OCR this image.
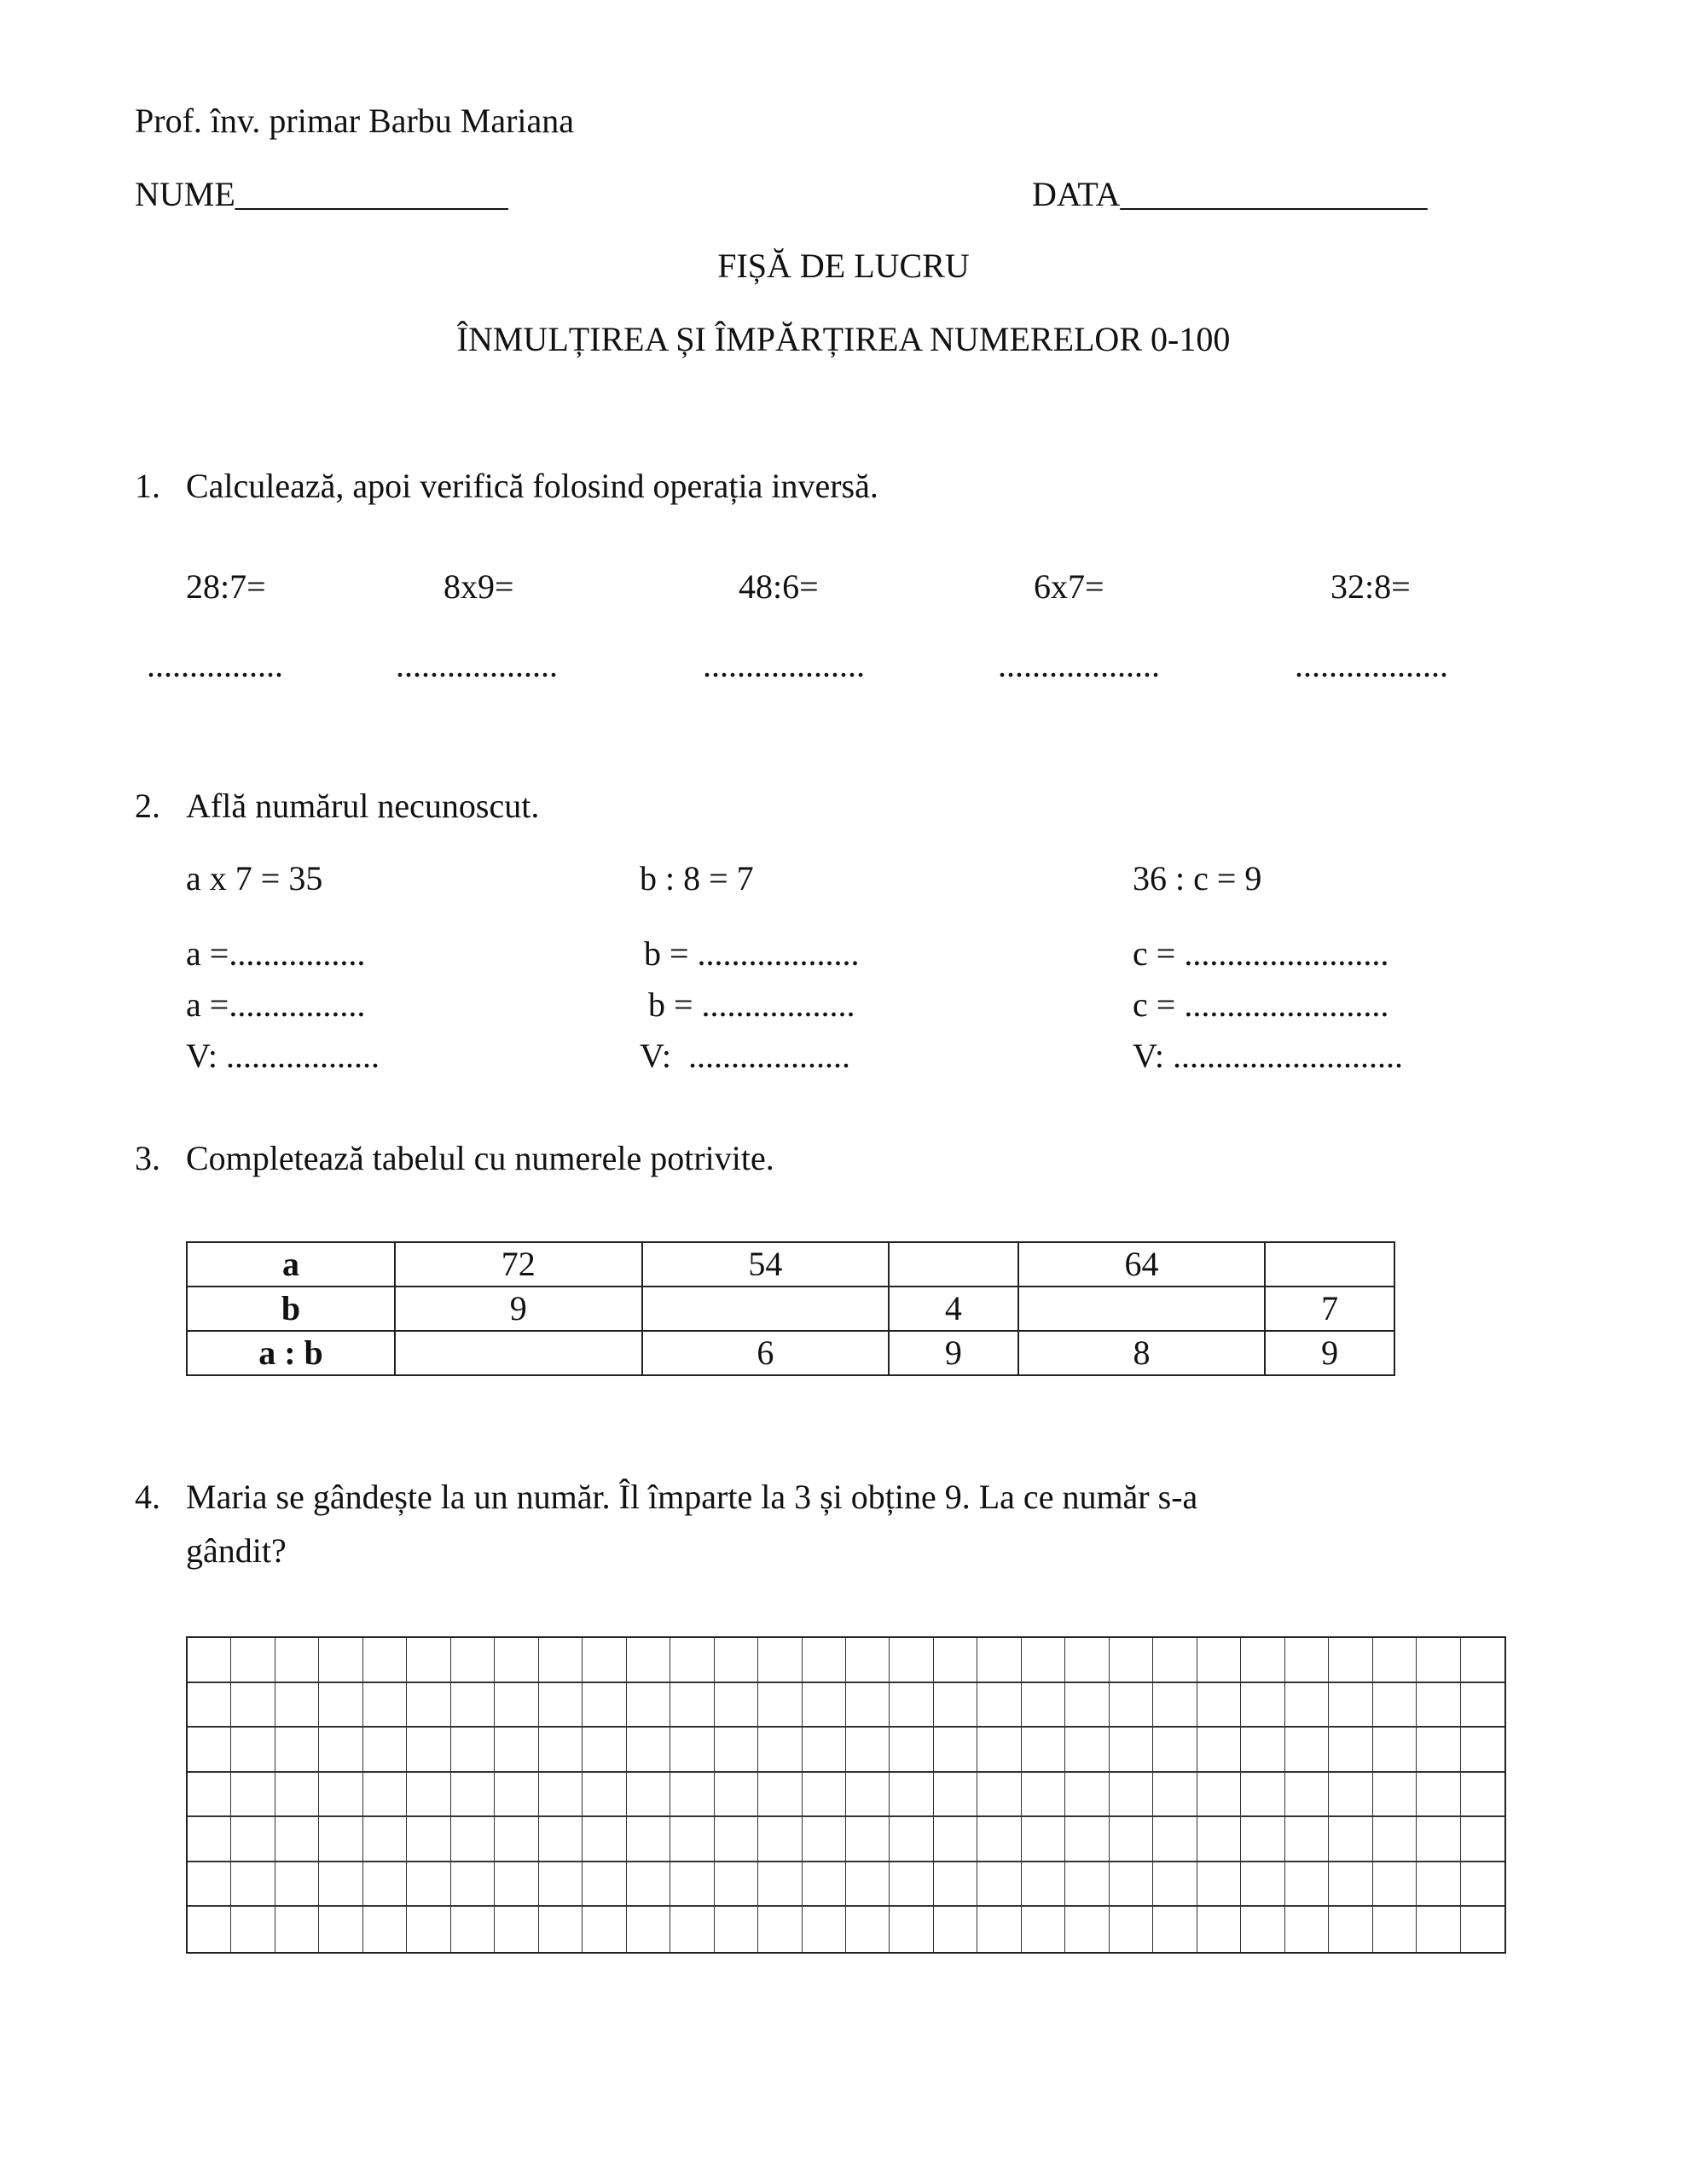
Prof. înv. primar Barbu Mariana
NUME________________	DATA__________________
FIȘĂ DE LUCRU
ÎNMULȚIREA ȘI ÎMPĂRȚIREA NUMERELOR 0-100
1. Calculează, apoi verifică folosind operația inversă.
28:7=	8x9=	48:6=	6x7=	32:8=
................	...................	...................	...................	..................
2. Află numărul necunoscut.
a x 7 = 35
a =................
a =................
V: ..................
b : 8 = 7
b = ...................
b = ..................
V:  ...................
36 : c = 9
c = ........................
c = ........................
V: ...........................
3. Completează tabelul cu numerele potrivite.
a	72	54		64	
b	9		4		7
a : b		6	9	8	9
4. Maria se gândește la un număr. Îl împarte la 3 și obține 9. La ce număr s-a
gândit?
